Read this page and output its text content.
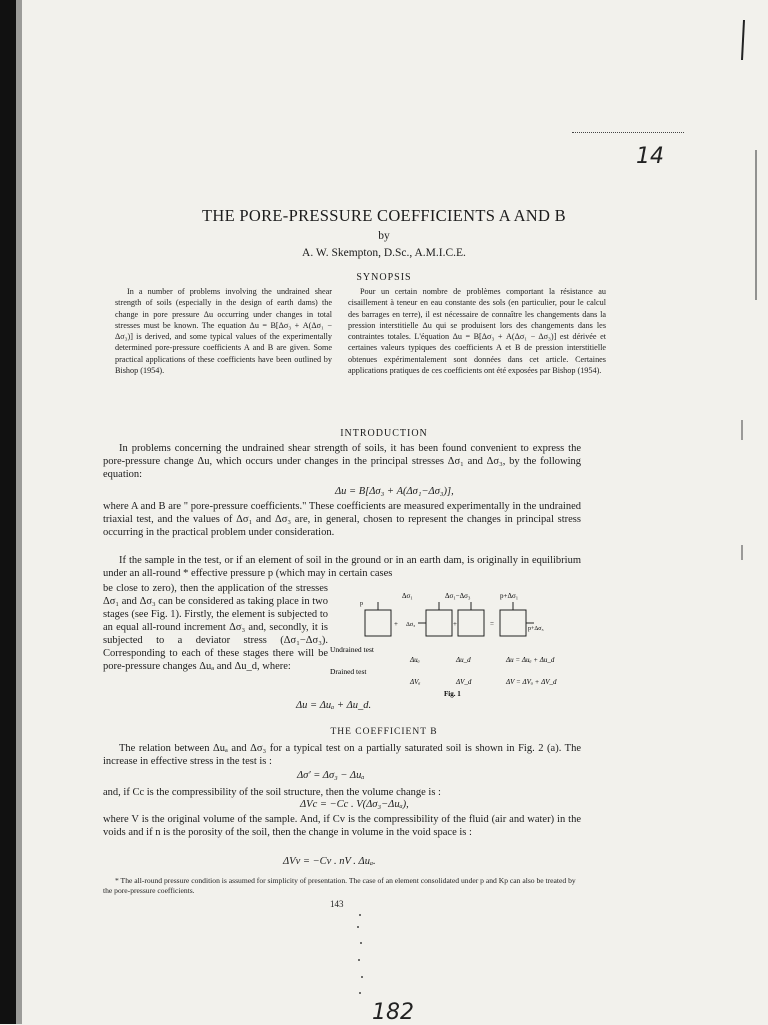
14
182
THE PORE-PRESSURE COEFFICIENTS A AND B
by
A. W. Skempton, D.Sc., A.M.I.C.E.
SYNOPSIS
In a number of problems involving the undrained shear strength of soils (especially in the design of earth dams) the change in pore pressure Δu occurring under changes in total stresses must be known. The equation Δu = B[Δσ₃ + A(Δσ₁ − Δσ₃)] is derived, and some typical values of the experimentally determined pore-pressure coefficients A and B are given. Some practical applications of these coefficients have been outlined by Bishop (1954).
Pour un certain nombre de problèmes comportant la résistance au cisaillement à teneur en eau constante des sols (en particulier, pour le calcul des barrages en terre), il est nécessaire de connaître les changements dans la pression interstitielle Δu qui se produisent lors des changements dans les contraintes totales. L'équation Δu = B[Δσ₃ + A(Δσ₁ − Δσ₃)] est dérivée et certaines valeurs typiques des coefficients A et B de pression interstitielle obtenues expérimentalement sont données dans cet article. Certaines applications pratiques de ces coefficients ont été exposées par Bishop (1954).
INTRODUCTION
In problems concerning the undrained shear strength of soils, it has been found convenient to express the pore-pressure change Δu, which occurs under changes in the principal stresses Δσ₁ and Δσ₃, by the following equation:
Δu = B[Δσ₃ + A(Δσ₁−Δσ₃)],
where A and B are " pore-pressure coefficients." These coefficients are measured experimentally in the undrained triaxial test, and the values of Δσ₁ and Δσ₃ are, in general, chosen to represent the changes in principal stress occurring in the practical problem under consideration.
If the sample in the test, or if an element of soil in the ground or in an earth dam, is originally in equilibrium under an all-round * effective pressure p (which may in certain cases
be close to zero), then the application of the stresses Δσ₁ and Δσ₃ can be considered as taking place in two stages (see Fig. 1). Firstly, the element is subjected to an equal all-round increment Δσ₃ and, secondly, it is subjected to a deviator stress (Δσ₁−Δσ₃). Corresponding to each of these stages there will be pore-pressure changes Δuₐ and Δu_d, where:
Δu = Δuₐ + Δu_d.
Δσ₁	Δσ₁−Δσ₃	p+Δσ₁
p
+ Δσ₃	+	=
p+Δσ₃
Undrained test
Δuₐ	Δu_d	Δu = Δuₐ + Δu_d
Drained test
ΔVₐ	ΔV_d	ΔV = ΔVₐ + ΔV_d
Fig. 1
THE COEFFICIENT B
The relation between Δuₐ and Δσ₃ for a typical test on a partially saturated soil is shown in Fig. 2 (a). The increase in effective stress in the test is :
Δσ′ = Δσ₃ − Δuₐ
and, if Cc is the compressibility of the soil structure, then the volume change is :
ΔVc = −Cc . V(Δσ₃−Δuₐ),
where V is the original volume of the sample. And, if Cv is the compressibility of the fluid (air and water) in the voids and if n is the porosity of the soil, then the change in volume in the void space is :
ΔVv = −Cv . nV . Δuₐ.
* The all-round pressure condition is assumed for simplicity of presentation. The case of an element consolidated under p and Kp can also be treated by the pore-pressure coefficients.
143
